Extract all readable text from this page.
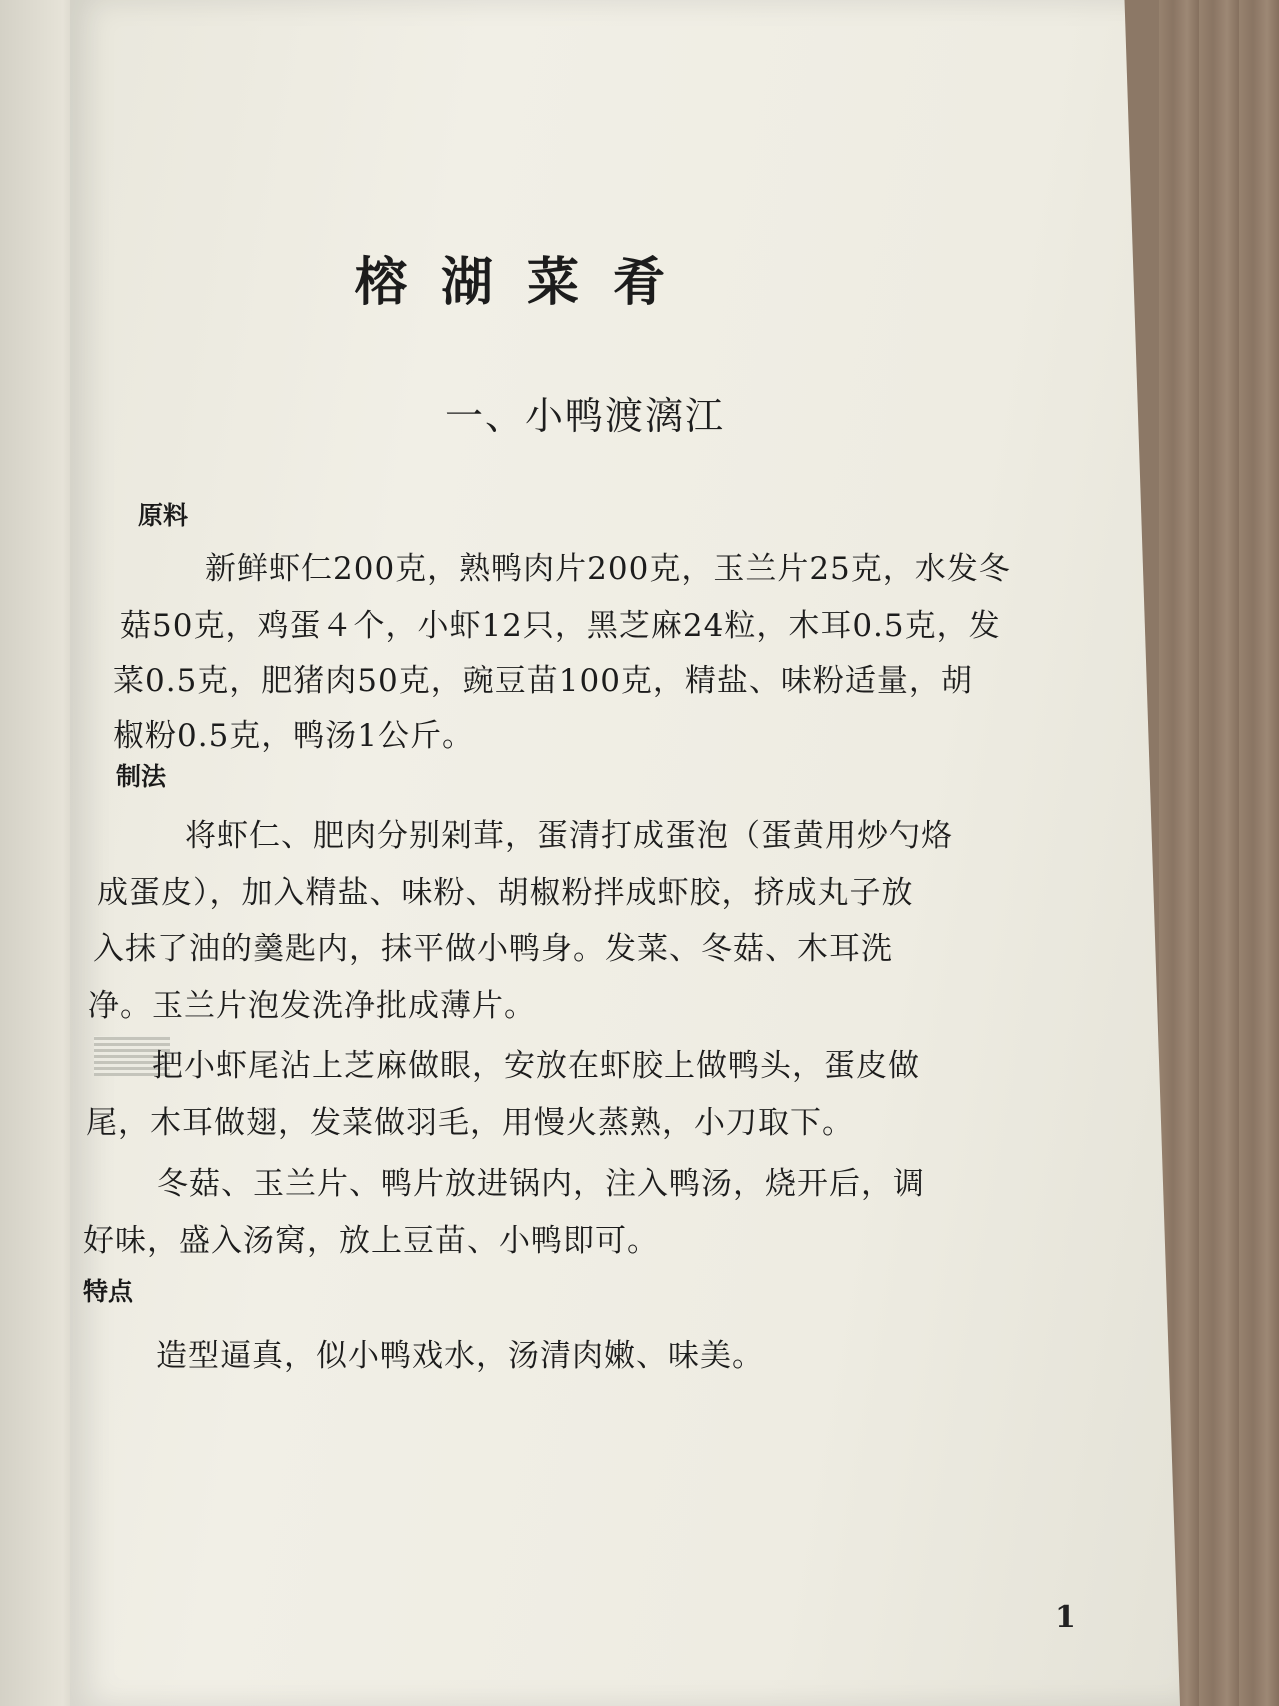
榕湖菜肴
一、小鸭渡漓江
原料
新鲜虾仁200克，熟鸭肉片200克，玉兰片25克，水发冬
菇50克，鸡蛋４个，小虾12只，黑芝麻24粒，木耳0.5克，发
菜0.5克，肥猪肉50克，豌豆苗100克，精盐、味粉适量，胡
椒粉0.5克，鸭汤1公斤。
制法
将虾仁、肥肉分别剁茸，蛋清打成蛋泡（蛋黄用炒勺烙
成蛋皮），加入精盐、味粉、胡椒粉拌成虾胶，挤成丸子放
入抹了油的羹匙内，抹平做小鸭身。发菜、冬菇、木耳洗
净。玉兰片泡发洗净批成薄片。
把小虾尾沾上芝麻做眼，安放在虾胶上做鸭头，蛋皮做
尾，木耳做翅，发菜做羽毛，用慢火蒸熟，小刀取下。
冬菇、玉兰片、鸭片放进锅内，注入鸭汤，烧开后，调
好味，盛入汤窝，放上豆苗、小鸭即可。
特点
造型逼真，似小鸭戏水，汤清肉嫩、味美。
1
